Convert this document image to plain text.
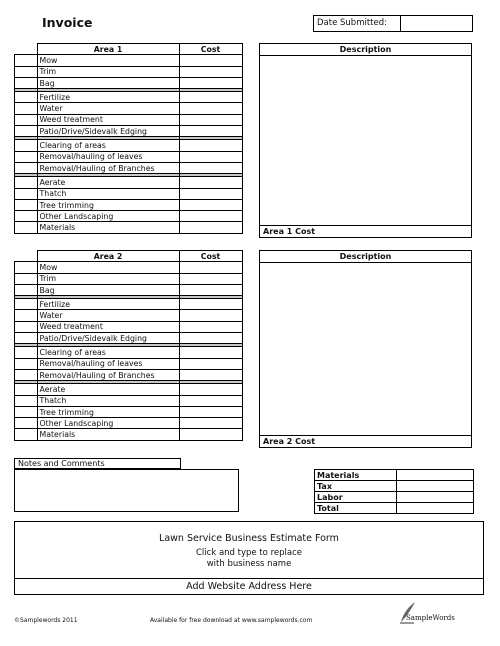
Invoice	Date Submitted:
	Area 1	Cost
	Mow	
	Trim	
	Bag	

	Fertilize	
	Water	
	Weed treatment	
	Patio/Drive/Sidevalk Edging	

	Clearing of areas	
	Removal/hauling of leaves	
	Removal/Hauling of Branches	

	Aerate	
	Thatch	
	Tree trimming	
	Other Landscaping	
	Materials	
Description
Area 1 Cost
	Area 2	Cost
	Mow	
	Trim	
	Bag	

	Fertilize	
	Water	
	Weed treatment	
	Patio/Drive/Sidevalk Edging	

	Clearing of areas	
	Removal/hauling of leaves	
	Removal/Hauling of Branches	

	Aerate	
	Thatch	
	Tree trimming	
	Other Landscaping	
	Materials	
Description
Area 2 Cost
Notes and Comments
Materials	
Tax	
Labor	
Total	
Lawn Service Business Estimate Form
Click and type to replace
with business name
Add Website Address Here
©Samplewords 2011	Available for free download at www.samplewords.com	SampleWords
